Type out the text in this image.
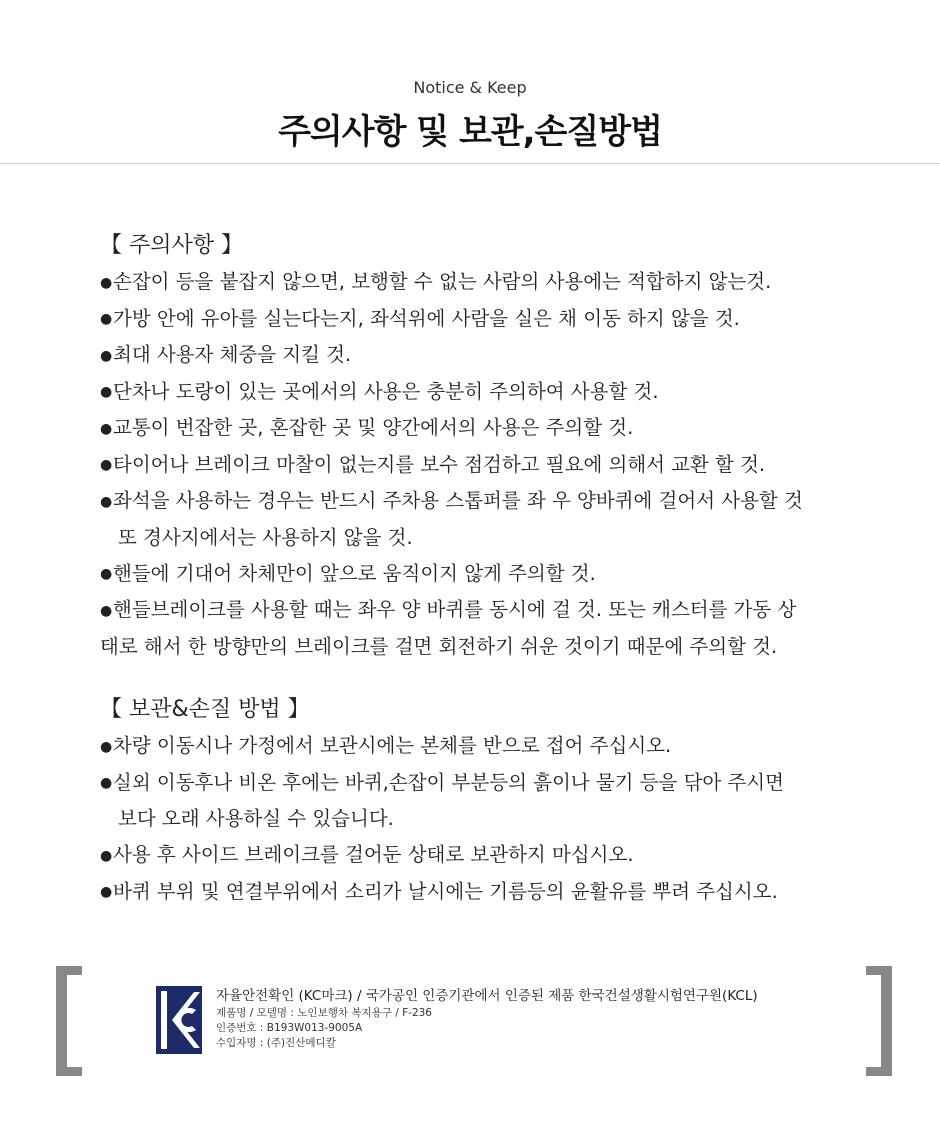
Notice & Keep
주의사항 및 보관,손질방법
【 주의사항 】
●손잡이 등을 붙잡지 않으면, 보행할 수 없는 사람의 사용에는 적합하지 않는것.
●가방 안에 유아를 실는다는지, 좌석위에 사람을 실은 채 이동 하지 않을 것.
●최대 사용자 체중을 지킬 것.
●단차나 도랑이 있는 곳에서의 사용은 충분히 주의하여 사용할 것.
●교통이 번잡한 곳, 혼잡한 곳 및 양간에서의 사용은 주의할 것.
●타이어나 브레이크 마찰이 없는지를 보수 점검하고 필요에 의해서 교환 할 것.
●좌석을 사용하는 경우는 반드시 주차용 스톱퍼를 좌 우 양바퀴에 걸어서 사용할 것
또 경사지에서는 사용하지 않을 것.
●핸들에 기대어 차체만이 앞으로 움직이지 않게 주의할 것.
●핸들브레이크를 사용할 때는 좌우 양 바퀴를 동시에 걸 것. 또는 캐스터를 가동 상
태로 해서 한 방향만의 브레이크를 걸면 회전하기 쉬운 것이기 때문에 주의할 것.
【 보관&손질 방법 】
●차량 이동시나 가정에서 보관시에는 본체를 반으로 접어 주십시오.
●실외 이동후나 비온 후에는 바퀴,손잡이 부분등의 흙이나 물기 등을 닦아 주시면
보다 오래 사용하실 수 있습니다.
●사용 후 사이드 브레이크를 걸어둔 상태로 보관하지 마십시오.
●바퀴 부위 및 연결부위에서 소리가 날시에는 기름등의 윤활유를 뿌려 주십시오.
자율안전확인 (KC마크) / 국가공인 인증기관에서 인증된 제품 한국건설생활시험연구원(KCL)
제품명 / 모델명 : 노인보행차 복지용구 / F-236
인증번호 : B193W013-9005A
수입자명 : (주)진산메디칼
